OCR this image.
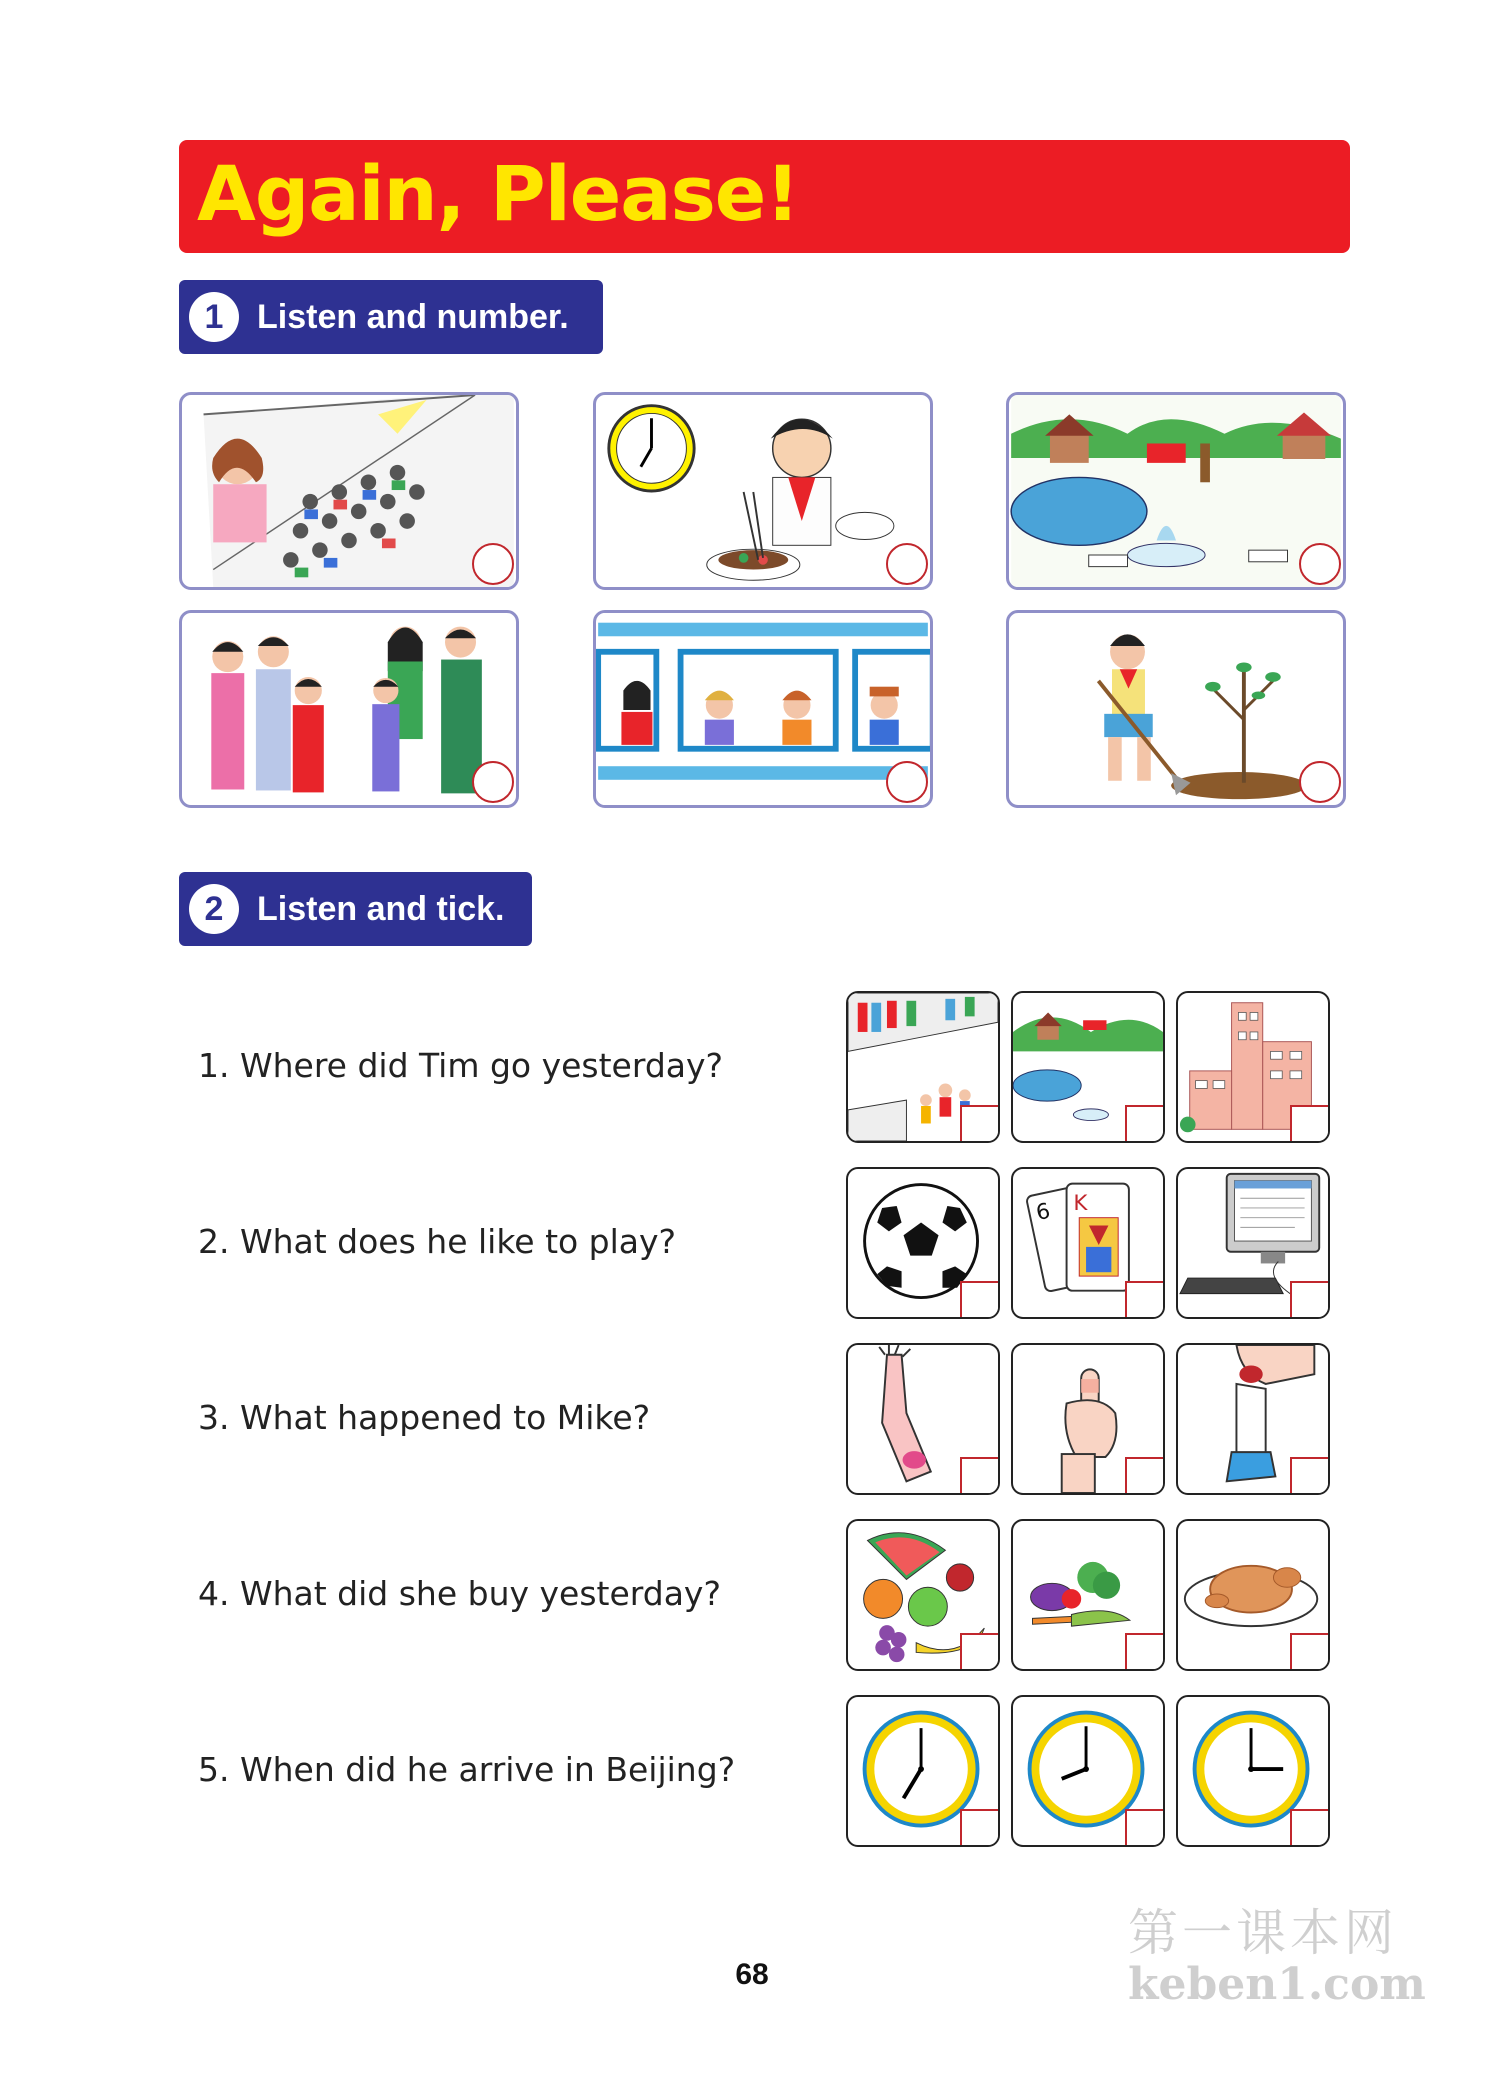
Again, Please!
1 Listen and number.
2 Listen and tick.
1. Where did Tim go yesterday?
2. What does he like to play?
3. What happened to Mike?
4. What did she buy yesterday?
5. When did he arrive in Beijing?
6 K
68
第一课本网
keben1.com
